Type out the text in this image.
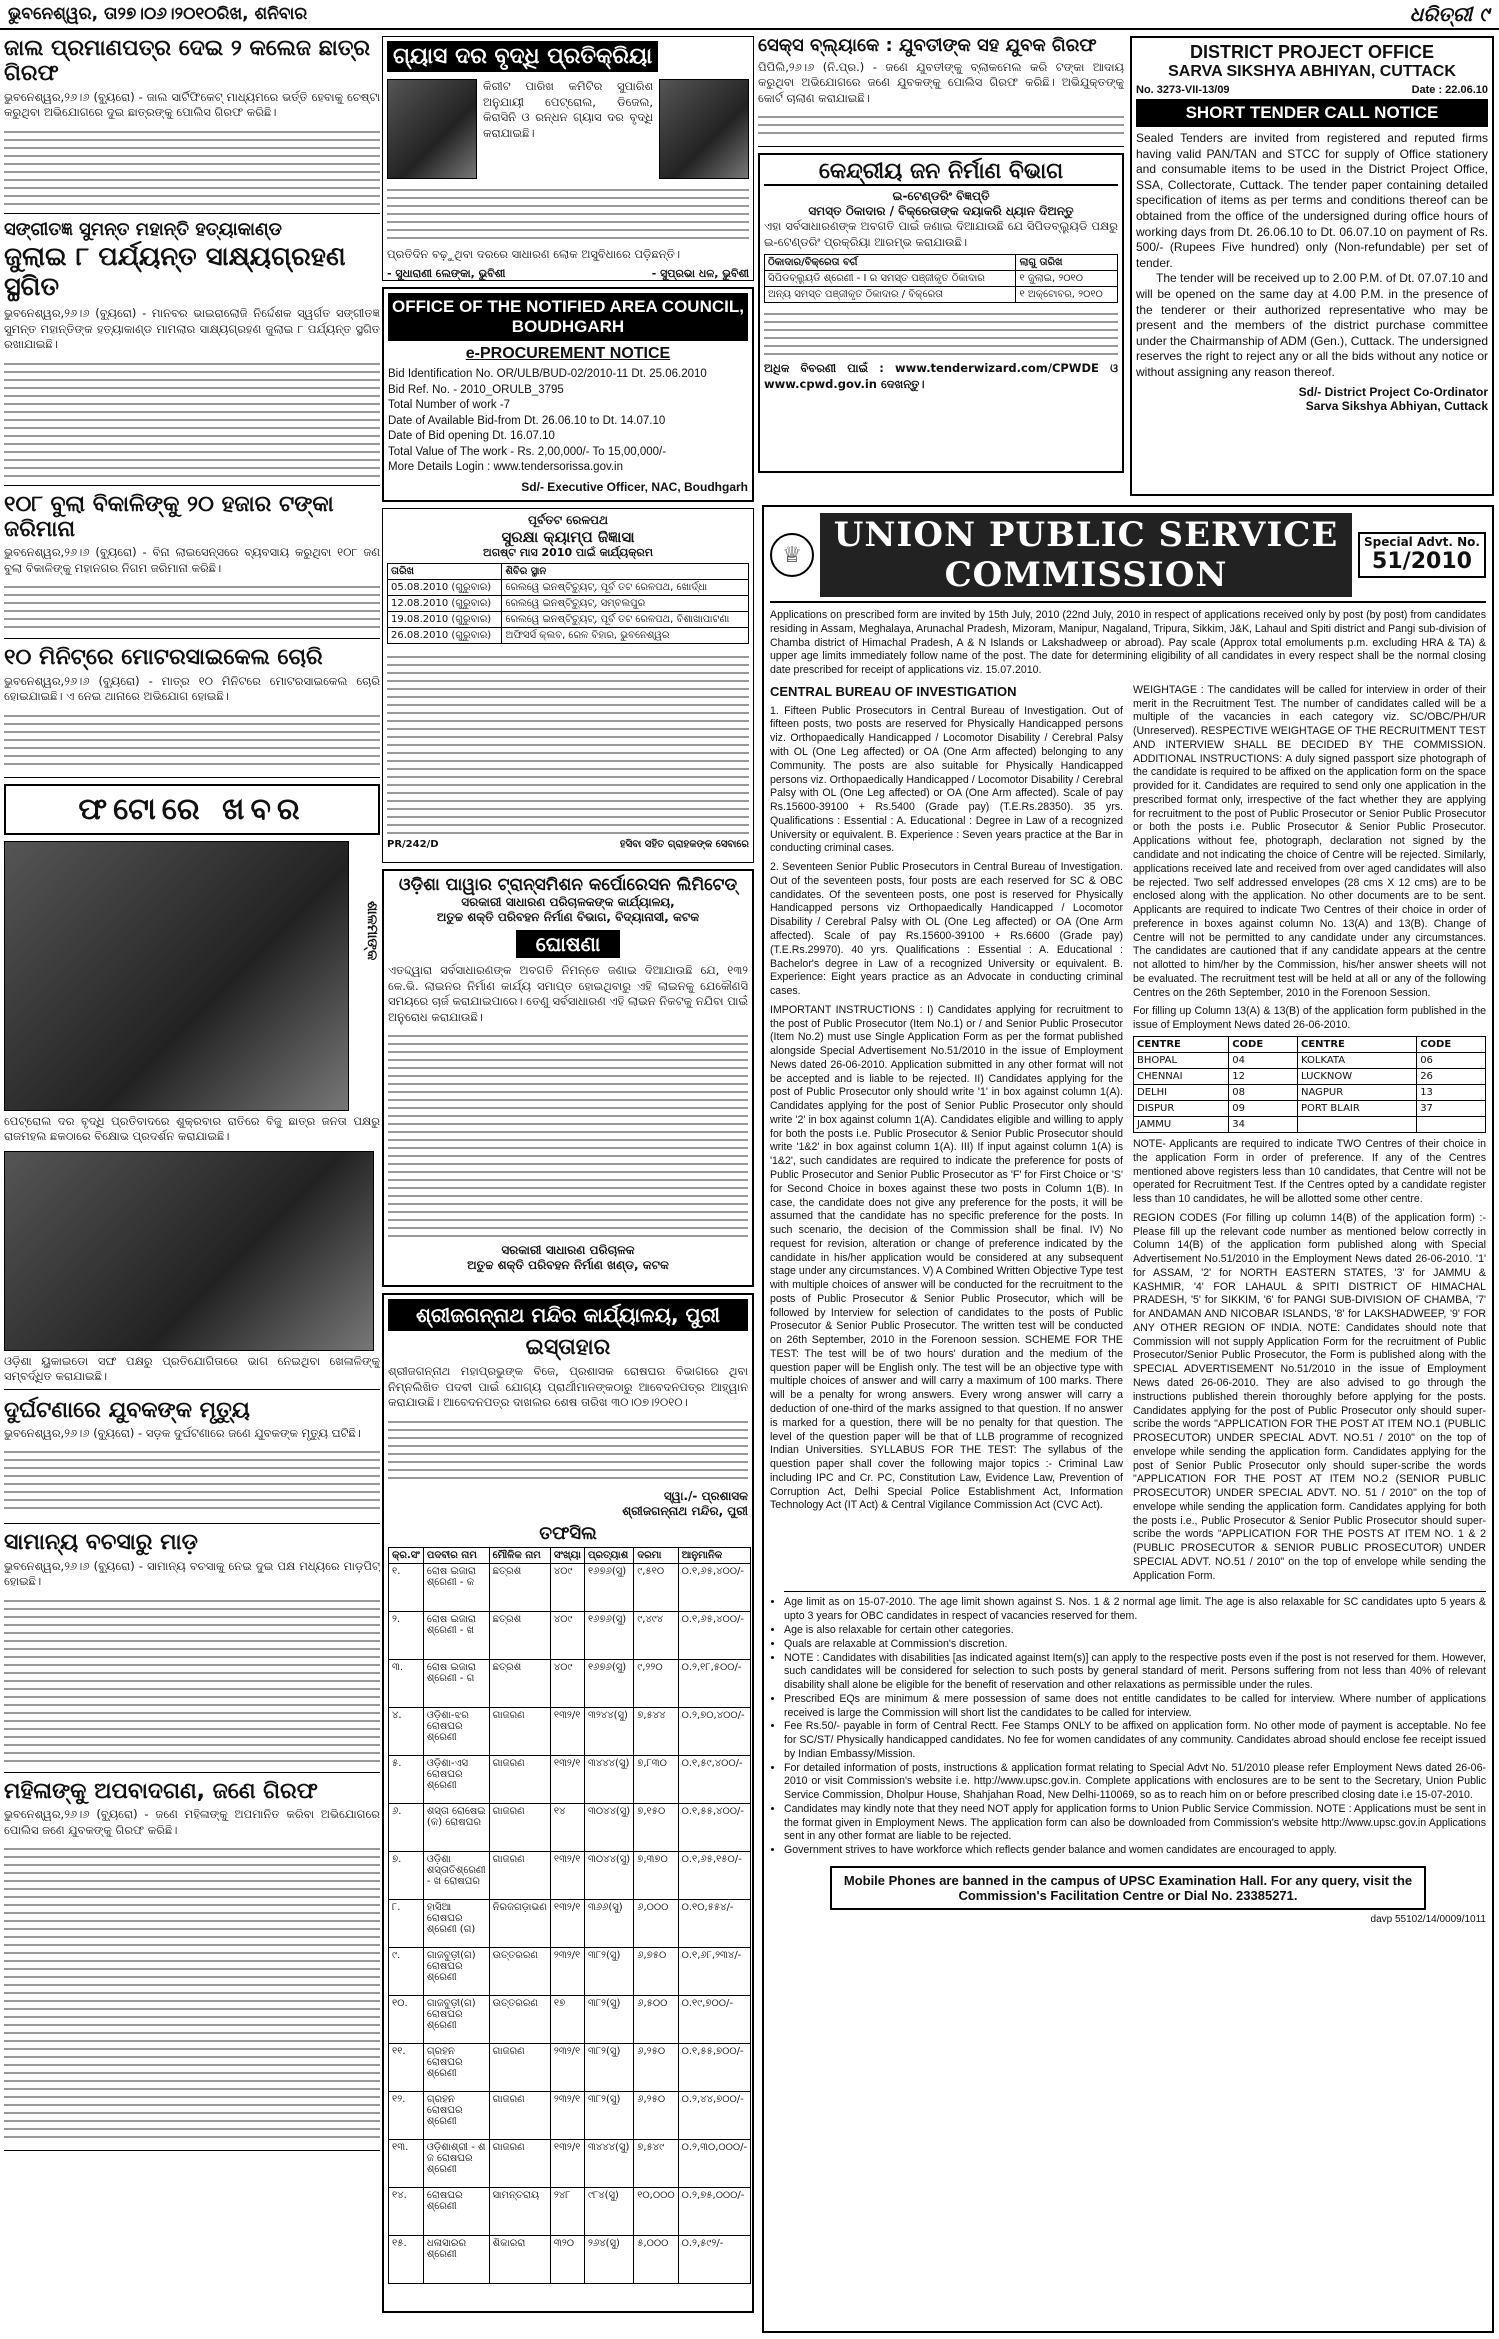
ଭୁବନେଶ୍ୱର, ତା୨୭।୦୬।୨୦୧୦ରିଖ, ଶନିବାର	ଧରିତ୍ରୀ ୯
ଜାଲ ପ୍ରମାଣପତ୍ର ଦେଇ ୨ କଲେଜ ଛାତ୍ର ଗିରଫ
ଭୁବନେଶ୍ୱର,୨୬।୬ (ବ୍ୟୁରୋ) - ଜାଲ ସାର୍ଟିଫିକେଟ୍ ମାଧ୍ୟମରେ ଭର୍ତ୍ତି ହେବାକୁ ଚେଷ୍ଟା କରୁଥିବା ଅଭିଯୋଗରେ ଦୁଇ ଛାତ୍ରଙ୍କୁ ପୋଲିସ ଗିରଫ କରିଛି।
ସଙ୍ଗୀତଜ୍ଞ ସୁମନ୍ତ ମହାନ୍ତି ହତ୍ୟାକାଣ୍ଡ
ଜୁଲାଇ ୮ ପର୍ଯ୍ୟନ୍ତ ସାକ୍ଷ୍ୟଗ୍ରହଣ ସ୍ଥଗିତ
ଭୁବନେଶ୍ୱର,୨୬।୬ (ବ୍ୟୁରୋ) - ମାନବର ଭାଇରାଲୋଜି ନିର୍ଦ୍ଦେଶକ ସ୍ୱର୍ଗତ ସଙ୍ଗୀତଜ୍ଞ ସୁମନ୍ତ ମହାନ୍ତିଙ୍କ ହତ୍ୟାକାଣ୍ଡ ମାମଲାର ସାକ୍ଷ୍ୟଗ୍ରହଣ ଜୁଲାଇ ୮ ପର୍ଯ୍ୟନ୍ତ ସ୍ଥଗିତ ରଖାଯାଇଛି।
୧୦୮ ବୁଲା ବିକାଳିଙ୍କୁ ୨୦ ହଜାର ଟଙ୍କା ଜରିମାନା
ଭୁବନେଶ୍ୱର,୨୬।୬ (ବ୍ୟୁରୋ) - ବିନା ଲାଇସେନ୍ସରେ ବ୍ୟବସାୟ କରୁଥିବା ୧୦୮ ଜଣ ବୁଲା ବିକାଳିଙ୍କୁ ମହାନଗର ନିଗମ ଜରିମାନା କରିଛି।
୧୦ ମିନିଟ୍‌ରେ ମୋଟରସାଇକେଲ ଚୋରି
ଭୁବନେଶ୍ୱର,୨୬।୬ (ବ୍ୟୁରୋ) - ମାତ୍ର ୧୦ ମିନିଟରେ ମୋଟରସାଇକେଲ ଚୋରି ହୋଇଯାଇଛି। ଏ ନେଇ ଥାନାରେ ଅଭିଯୋଗ ହୋଇଛି।
ଫଟୋରେ ଖବର
ଶାଳମାଙ୍କ
ପେଟ୍ରୋଲ ଦର ବୃଦ୍ଧି ପ୍ରତିବାଦରେ ଶୁକ୍ରବାର ରାତିରେ ବିଜୁ ଛାତ୍ର ଜନତା ପକ୍ଷରୁ ରାଜମହଲ ଛକଠାରେ ବିକ୍ଷୋଭ ପ୍ରଦର୍ଶନ କରାଯାଇଛି।
ଓଡ଼ିଶା ୟୁକାଇଡୋ ସଙ୍ଘ ପକ୍ଷରୁ ପ୍ରତିଯୋଗିତାରେ ଭାଗ ନେଇଥିବା ଖେଳାଳିଙ୍କୁ ସମ୍ବର୍ଦ୍ଧିତ କରାଯାଇଛି।
ଦୁର୍ଘଟଣାରେ ଯୁବକଙ୍କ ମୃତ୍ୟୁ
ଭୁବନେଶ୍ୱର,୨୬।୬ (ବ୍ୟୁରୋ) - ସଡ଼କ ଦୁର୍ଘଟଣାରେ ଜଣେ ଯୁବକଙ୍କ ମୃତ୍ୟୁ ଘଟିଛି।
ସାମାନ୍ୟ ବଚସାରୁ ମାଡ଼
ଭୁବନେଶ୍ୱର,୨୬।୬ (ବ୍ୟୁରୋ) - ସାମାନ୍ୟ ବଚସାକୁ ନେଇ ଦୁଇ ପକ୍ଷ ମଧ୍ୟରେ ମାଡ଼ପିଟ୍ ହୋଇଛି।
ମହିଳାଙ୍କୁ ଅପବାଦଗଣ, ଜଣେ ଗିରଫ
ଭୁବନେଶ୍ୱର,୨୬।୬ (ବ୍ୟୁରୋ) - ଜଣେ ମହିଳାଙ୍କୁ ଅପମାନିତ କରିବା ଅଭିଯୋଗରେ ପୋଲିସ ଜଣେ ଯୁବକଙ୍କୁ ଗିରଫ କରିଛି।
ଗ୍ୟାସ ଦର ବୃଦ୍ଧି ପ୍ରତିକ୍ରିୟା
କିରୀଟ ପାରିଖ କମିଟିର ସୁପାରିଶ ଅନୁଯାୟୀ ପେଟ୍ରୋଲ, ଡିଜେଲ, କିରାସିନି ଓ ରନ୍ଧନ ଗ୍ୟାସ ଦର ବୃଦ୍ଧି କରାଯାଇଛି।
ପ୍ରତିଦିନ ବଢ଼ୁଥିବା ଦରରେ ସାଧାରଣ ଲୋକ ଅସୁବିଧାରେ ପଡ଼ିଛନ୍ତି।
- ସୁଧାରାଣୀ ଲେଙ୍କା, ଭୁବିଶୀ	- ସୁପ୍ରଭା ଧଳ, ଭୁବିଶୀ
OFFICE OF THE NOTIFIED AREA COUNCIL, BOUDHGARH
e-PROCUREMENT NOTICE
Bid Identification No. OR/ULB/BUD-02/2010-11 Dt. 25.06.2010
Bid Ref. No. - 2010_ORULB_3795
Total Number of work -7
Date of Available Bid-from Dt. 26.06.10 to Dt. 14.07.10
Date of Bid opening Dt. 16.07.10
Total Value of The work - Rs. 2,00,000/- To 15,00,000/-
More Details Login : www.tendersorissa.gov.in
Sd/- Executive Officer, NAC, Boudhgarh
ପୂର୍ବତଟ ରେଳପଥ
ସୁରକ୍ଷା କ୍ୟାମ୍ପ ଜିଜ୍ଞାସା
ଅଗଷ୍ଟ ମାସ 2010 ପାଇଁ କାର୍ଯ୍ୟକ୍ରମ
ତାରିଖ	ଶିବିର ସ୍ଥାନ
05.08.2010 (ଗୁରୁବାର)	ରେଲୱେ ଇନଷ୍ଟିଚ୍ୟୁଟ୍, ପୂର୍ବ ତଟ ରେଳପଥ, ଖୋର୍ଦ୍ଧା
12.08.2010 (ଗୁରୁବାର)	ରେଲୱେ ଇନଷ୍ଟିଚ୍ୟୁଟ୍, ସମ୍ବଲପୁର
19.08.2010 (ଗୁରୁବାର)	ରେଲୱେ ଇନଷ୍ଟିଚ୍ୟୁଟ୍, ପୂର୍ବ ତଟ ରେଳପଥ, ବିଶାଖାପାଟଣା
26.08.2010 (ଗୁରୁବାର)	ଅଫିସର୍ସ କ୍ଲବ, ରେଳ ବିହାର, ଭୁବନେଶ୍ୱର
PR/242/D	ହସିବା ସହିତ ଗ୍ରାହକଙ୍କ ସେବାରେ
ଓଡ଼ିଶା ପାୱାର ଟ୍ରାନ୍ସମିଶନ କର୍ପୋରେସନ ଲିମିଟେଡ୍
ସରକାରୀ ସାଧାରଣ ପରିଚାଳକଙ୍କ କାର୍ଯ୍ୟାଳୟ,
ଅତୁଚ୍ଚ ଶକ୍ତି ପରିବହନ ନିର୍ମାଣ ବିଭାଗ, ବିଦ୍ୟାନାସୀ, କଟକ
ଘୋଷଣା
ଏତଦ୍ଦ୍ୱାରା ସର୍ବସାଧାରଣଙ୍କ ଅବଗତି ନିମନ୍ତେ ଜଣାଇ ଦିଆଯାଉଛି ଯେ, ୧୩୨ କେ.ଭି. ଲାଇନର ନିର୍ମାଣ କାର୍ଯ୍ୟ ସମାପ୍ତ ହୋଇଥିବାରୁ ଏହି ଲାଇନକୁ ଯେକୌଣସି ସମୟରେ ଚାର୍ଜ କରାଯାଇପାରେ। ତେଣୁ ସର୍ବସାଧାରଣ ଏହି ଲାଇନ ନିକଟକୁ ନଯିବା ପାଇଁ ଅନୁରୋଧ କରାଯାଉଛି।
ସରକାରୀ ସାଧାରଣ ପରିଚାଳକ
ଅତୁଚ୍ଚ ଶକ୍ତି ପରିବହନ ନିର୍ମାଣ ଖଣ୍ଡ, କଟକ
ଶ୍ରୀଜଗନ୍ନାଥ ମନ୍ଦିର କାର୍ଯ୍ୟାଳୟ, ପୁରୀ
ଇସ୍ତାହାର
ଶ୍ରୀଜଗନ୍ନାଥ ମହାପ୍ରଭୁଙ୍କ ବିଜେ, ପ୍ରଶାସକ ରୋଷଘର ବିଭାଗରେ ଥିବା ନିମ୍ନଲିଖିତ ପଦବୀ ପାଇଁ ଯୋଗ୍ୟ ପ୍ରାର୍ଥୀମାନଙ୍କଠାରୁ ଆବେଦନପତ୍ର ଆହ୍ୱାନ କରାଯାଉଛି। ଆବେଦନପତ୍ର ଦାଖଲର ଶେଷ ତାରିଖ ୩୦।୦୭।୨୦୧୦।
ସ୍ୱା./- ପ୍ରଶାସକ
ଶ୍ରୀଜଗନ୍ନାଥ ମନ୍ଦିର, ପୁରୀ
ତଫସିଲ
କ୍ର.ସଂ	ପଦବୀର ନାମ	ମୌଳିକ ନାମ	ସଂଖ୍ୟା	ପ୍ରତ୍ୟାଶ	ଦରମା	ଆନୁମାନିକ
୧.	ରୋଷ ଇଜାରା ଶ୍ରେଣୀ - କ	ଛତ୍ରଶ	୪୦୯	୧୬୭୬(ସୁ)	୯,୫୧୦	୦.୧,୬୫,୪୦୦/-
୨.	ରୋଷ ଇଜାରା ଶ୍ରେଣୀ - ଖ	ଛତ୍ରଶ	୪୦୯	୧୬୭୬(ସୁ)	୯,୪୯୪	୦.୧,୬୫,୪୦୦/-
୩.	ରୋଷ ଇଜାରା ଶ୍ରେଣୀ - ଗ	ଛତ୍ରଶ	୪୦୯	୧୬୭୬(ସୁ)	୯,୨୨୦	୦.୨,୧୮,୫୦୦/-
୪.	ଓଡ଼ିଶା-ଝର ରୋଷଘର ଶ୍ରେଣୀ	ଗାଜରଣ	୧୩୨/୧	୩୨୪୪(ସୁ)	୭,୫୪୪	୦.୨,୭୦,୪୦୦/-
୫.	ଓଡ଼ିଶା-ଏସ ରୋଷଘର ଶ୍ରେଣୀ	ଗାଜରଣ	୧୩୨/୧	୩୪୪୪(ସୁ)	୭,୮୩୦	୦.୧,୫୯,୪୦୦/-
୬.	ଶସ୍ତା ରୋଷେଇ (କ) ରୋଷଘର	ଗାଜରଣ	୧୪	୩୦୪୪(ସୁ)	୭,୧୫୦	୦.୧,୫୫,୪୦୦/-
୭.	ଓଡ଼ିଶା ଶସ୍ତାତିଶ୍ରେଣୀ - ଖ ରୋଷଘର	ଗାଜରଣ	୧୩୨/୧	୩୦୪୪(ସୁ)	୭,୩୭୦	୦.୧,୬୫,୧୫୦/-
୮.	ହାସିଆ ରୋଷଘର ଶ୍ରେଣୀ (ଗ)	ନିରଜଗଡ଼ାଭଣ	୧୩୨/୧	୩୬୬(ସୁ)	୬,୦୦୦	୦.୧୦,୫୫୪/-
୯.	ଗାଜବୁଡ଼ୀ(ଗ) ରୋଷଘର ଶ୍ରେଣୀ	ଉତ୍ତରରଣ	୨୩୨/୧	୩୮୨(ସୁ)	୬,୭୫୦	୦.୧,୬୮,୨୩୪/-
୧୦.	ଗାଜବୁଡ଼ୀ(ଗ) ରୋଷଘର ଶ୍ରେଣୀ	ଉତ୍ତରରଣ	୧୭	୩୮୨(ସୁ)	୬,୫୦୦	୦.୧୯,୭୦୦/-
୧୧.	ଗ୍ରହନ ରୋଷଘର ଶ୍ରେଣୀ	ଗାଜରଣ	୨୩୨/୧	୩୮୨(ସୁ)	୬,୨୫୦	୦.୧,୫୫,୭୦୦/-
୧୨.	ଗ୍ରହନ ରୋଷଘର ଶ୍ରେଣୀ	ଗାଜରଣ	୨୩୨/୧	୩୮୨(ସୁ)	୬,୨୫୦	୦.୨,୪୪,୭୦୦/-
୧୩.	ଓଡ଼ିଶାଶ୍ରୀ - ଶ ଜ ରୋଷଘର ଶ୍ରେଣୀ	ଗାଜରଣ	୧୩୨/୧	୩୪୪୪(ସୁ)	୭,୫୪୯	୦.୨,୩୦,୦୦୦/-
୧୪.	ରୋଷଘର ଶ୍ରେଣୀ	ସାମନ୍ତରାୟ	୨୪୮	୯୮୪(ସୁ)	୧୦,୦୦୦	୦.୨,୭୫,୦୦୦/-
୧୫.	ଧଳାସାରର ଶ୍ରେଣୀ	ଶିକାରରା	୩୨୦	୨୬୪(ସୁ)	୫,୦୦୦	୦.୨,୫୯୨/-
ସେକ୍ସ ବ୍ଲ୍ୟାକେ : ଯୁବତୀଙ୍କ ସହ ଯୁବକ ଗିରଫ
ପିପିଲି,୨୬।୬ (ନି.ପ୍ର.) - ଜଣେ ଯୁବତୀଙ୍କୁ ବ୍ଲାକମେଲ କରି ଟଙ୍କା ଆଦାୟ କରୁଥିବା ଅଭିଯୋଗରେ ଜଣେ ଯୁବକଙ୍କୁ ପୋଲିସ ଗିରଫ କରିଛି। ଅଭିଯୁକ୍ତଙ୍କୁ କୋର୍ଟ ଚାଲାଣ କରାଯାଇଛି।
କେନ୍ଦ୍ରୀୟ ଜନ ନିର୍ମାଣ ବିଭାଗ
ଇ-ଟେଣ୍ଡରିଂ ବିଜ୍ଞପ୍ତି
ସମସ୍ତ ଠିକାଦାର / ବିକ୍ରେତାଙ୍କ ଦୟାକରି ଧ୍ୟାନ ଦିଅନ୍ତୁ
ଏହା ସର୍ବସାଧାରଣଙ୍କ ଅବଗତି ପାଇଁ ଜଣାଇ ଦିଆଯାଉଛି ଯେ ସିପିଡବ୍ଲ୍ୟୁଡି ପକ୍ଷରୁ ଇ-ଟେଣ୍ଡରିଂ ପ୍ରକ୍ରିୟା ଆରମ୍ଭ କରାଯାଉଛି।
ଠିକାଦାର/ବିକ୍ରେତା ବର୍ଗ	ଲାଗୁ ତାରିଖ
ସିପିଡବ୍ଲ୍ୟୁଡି ଶ୍ରେଣୀ - I ର ସମସ୍ତ ପଞ୍ଜୀକୃତ ଠିକାଦାର	୧ ଜୁଲାଇ, ୨୦୧୦
ଅନ୍ୟ ସମସ୍ତ ପଞ୍ଜୀକୃତ ଠିକାଦାର / ବିକ୍ରେତା	୧ ଅକ୍ଟୋବର, ୨୦୧୦
ଅଧିକ ବିବରଣୀ ପାଇଁ : www.tenderwizard.com/CPWDE ଓ www.cpwd.gov.in ଦେଖନ୍ତୁ।
DISTRICT PROJECT OFFICE
SARVA SIKSHYA ABHIYAN, CUTTACK
No. 3273-VII-13/09	Date : 22.06.10
SHORT TENDER CALL NOTICE
Sealed Tenders are invited from registered and reputed firms having valid PAN/TAN and STCC for supply of Office stationery and consumable items to be used in the District Project Office, SSA, Collectorate, Cuttack. The tender paper containing detailed specification of items as per terms and conditions thereof can be obtained from the office of the undersigned during office hours of working days from Dt. 26.06.10 to Dt. 06.07.10 on payment of Rs. 500/- (Rupees Five hundred) only (Non-refundable) per set of tender.
The tender will be received up to 2.00 P.M. of Dt. 07.07.10 and will be opened on the same day at 4.00 P.M. in the presence of the tenderer or their authorized representative who may be present and the members of the district purchase committee under the Chairmanship of ADM (Gen.), Cuttack. The undersigned reserves the right to reject any or all the bids without any notice or without assigning any reason thereof.
Sd/- District Project Co-Ordinator
Sarva Sikshya Abhiyan, Cuttack
♕ UNION PUBLIC SERVICE COMMISSION
Special Advt. No.
51/2010
Applications on prescribed form are invited by 15th July, 2010 (22nd July, 2010 in respect of applications received only by post (by post) from candidates residing in Assam, Meghalaya, Arunachal Pradesh, Mizoram, Manipur, Nagaland, Tripura, Sikkim, J&K, Lahaul and Spiti district and Pangi sub-division of Chamba district of Himachal Pradesh, A & N Islands or Lakshadweep or abroad). Pay scale (Approx total emoluments p.m. excluding HRA & TA) & upper age limits immediately follow name of the post. The date for determining eligibility of all candidates in every respect shall be the normal closing date prescribed for receipt of applications viz. 15.07.2010.
CENTRAL BUREAU OF INVESTIGATION
1. Fifteen Public Prosecutors in Central Bureau of Investigation. Out of fifteen posts, two posts are reserved for Physically Handicapped persons viz. Orthopaedically Handicapped / Locomotor Disability / Cerebral Palsy with OL (One Leg affected) or OA (One Arm affected) belonging to any Community. The posts are also suitable for Physically Handicapped persons viz. Orthopaedically Handicapped / Locomotor Disability / Cerebral Palsy with OL (One Leg affected) or OA (One Arm affected). Scale of pay Rs.15600-39100 + Rs.5400 (Grade pay) (T.E.Rs.28350). 35 yrs. Qualifications : Essential : A. Educational : Degree in Law of a recognized University or equivalent. B. Experience : Seven years practice at the Bar in conducting criminal cases.
2. Seventeen Senior Public Prosecutors in Central Bureau of Investigation. Out of the seventeen posts, four posts are each reserved for SC & OBC candidates. Of the seventeen posts, one post is reserved for Physically Handicapped persons viz Orthopaedically Handicapped / Locomotor Disability / Cerebral Palsy with OL (One Leg affected) or OA (One Arm affected). Scale of pay Rs.15600-39100 + Rs.6600 (Grade pay) (T.E.Rs.29970). 40 yrs. Qualifications : Essential : A. Educational : Bachelor's degree in Law of a recognized University or equivalent. B. Experience: Eight years practice as an Advocate in conducting criminal cases.
IMPORTANT INSTRUCTIONS : I) Candidates applying for recruitment to the post of Public Prosecutor (Item No.1) or / and Senior Public Prosecutor (Item No.2) must use Single Application Form as per the format published alongside Special Advertisement No.51/2010 in the issue of Employment News dated 26-06-2010. Application submitted in any other format will not be accepted and is liable to be rejected. II) Candidates applying for the post of Public Prosecutor only should write '1' in box against column 1(A). Candidates applying for the post of Senior Public Prosecutor only should write '2' in box against column 1(A). Candidates eligible and willing to apply for both the posts i.e. Public Prosecutor & Senior Public Prosecutor should write '1&2' in box against column 1(A). III) If input against column 1(A) is '1&2', such candidates are required to indicate the preference for posts of Public Prosecutor and Senior Public Prosecutor as 'F' for First Choice or 'S' for Second Choice in boxes against these two posts in Column 1(B). In case, the candidate does not give any preference for the posts, it will be assumed that the candidate has no specific preference for the posts. In such scenario, the decision of the Commission shall be final. IV) No request for revision, alteration or change of preference indicated by the candidate in his/her application would be considered at any subsequent stage under any circumstances. V) A Combined Written Objective Type test with multiple choices of answer will be conducted for the recruitment to the posts of Public Prosecutor & Senior Public Prosecutor, which will be followed by Interview for selection of candidates to the posts of Public Prosecutor & Senior Public Prosecutor. The written test will be conducted on 26th September, 2010 in the Forenoon session. SCHEME FOR THE TEST: The test will be of two hours' duration and the medium of the question paper will be English only. The test will be an objective type with multiple choices of answer and will carry a maximum of 100 marks. There will be a penalty for wrong answers. Every wrong answer will carry a deduction of one-third of the marks assigned to that question. If no answer is marked for a question, there will be no penalty for that question. The level of the question paper will be that of LLB programme of recognized Indian Universities. SYLLABUS FOR THE TEST: The syllabus of the question paper shall cover the following major topics :- Criminal Law including IPC and Cr. PC, Constitution Law, Evidence Law, Prevention of Corruption Act, Delhi Special Police Establishment Act, Information Technology Act (IT Act) & Central Vigilance Commission Act (CVC Act).
WEIGHTAGE : The candidates will be called for interview in order of their merit in the Recruitment Test. The number of candidates called will be a multiple of the vacancies in each category viz. SC/OBC/PH/UR (Unreserved). RESPECTIVE WEIGHTAGE OF THE RECRUITMENT TEST AND INTERVIEW SHALL BE DECIDED BY THE COMMISSION. ADDITIONAL INSTRUCTIONS: A duly signed passport size photograph of the candidate is required to be affixed on the application form on the space provided for it. Candidates are required to send only one application in the prescribed format only, irrespective of the fact whether they are applying for recruitment to the post of Public Prosecutor or Senior Public Prosecutor or both the posts i.e. Public Prosecutor & Senior Public Prosecutor. Applications without fee, photograph, declaration not signed by the candidate and not indicating the choice of Centre will be rejected. Similarly, applications received late and received from over aged candidates will also be rejected. Two self addressed envelopes (28 cms X 12 cms) are to be enclosed along with the application. No other documents are to be sent. Applicants are required to indicate Two Centres of their choice in order of preference in boxes against column No. 13(A) and 13(B). Change of Centre will not be permitted to any candidate under any circumstances. The candidates are cautioned that if any candidate appears at the centre not allotted to him/her by the Commission, his/her answer sheets will not be evaluated. The recruitment test will be held at all or any of the following Centres on the 26th September, 2010 in the Forenoon Session.
For filling up Column 13(A) & 13(B) of the application form published in the issue of Employment News dated 26-06-2010.
CENTRE	CODE	CENTRE	CODE
BHOPAL	04	KOLKATA	06
CHENNAI	12	LUCKNOW	26
DELHI	08	NAGPUR	13
DISPUR	09	PORT BLAIR	37
JAMMU	34		
NOTE- Applicants are required to indicate TWO Centres of their choice in the application Form in order of preference. If any of the Centres mentioned above registers less than 10 candidates, that Centre will not be operated for Recruitment Test. If the Centres opted by a candidate register less than 10 candidates, he will be allotted some other centre.
REGION CODES (For filling up column 14(B) of the application form) :- Please fill up the relevant code number as mentioned below correctly in Column 14(B) of the application form published along with Special Advertisement No.51/2010 in the Employment News dated 26-06-2010. '1' for ASSAM, '2' for NORTH EASTERN STATES, '3' for JAMMU & KASHMIR, '4' FOR LAHAUL & SPITI DISTRICT OF HIMACHAL PRADESH, '5' for SIKKIM, '6' for PANGI SUB-DIVISION OF CHAMBA, '7' for ANDAMAN AND NICOBAR ISLANDS, '8' for LAKSHADWEEP, '9' FOR ANY OTHER REGION OF INDIA. NOTE: Candidates should note that Commission will not supply Application Form for the recruitment of Public Prosecutor/Senior Public Prosecutor, the Form is published along with the SPECIAL ADVERTISEMENT No.51/2010 in the issue of Employment News dated 26-06-2010. They are also advised to go through the instructions published therein thoroughly before applying for the posts. Candidates applying for the post of Public Prosecutor only should super-scribe the words "APPLICATION FOR THE POST AT ITEM NO.1 (PUBLIC PROSECUTOR) UNDER SPECIAL ADVT. NO.51 / 2010" on the top of envelope while sending the application form. Candidates applying for the post of Senior Public Prosecutor only should super-scribe the words "APPLICATION FOR THE POST AT ITEM NO.2 (SENIOR PUBLIC PROSECUTOR) UNDER SPECIAL ADVT. NO. 51 / 2010" on the top of envelope while sending the application form. Candidates applying for both the posts i.e., Public Prosecutor & Senior Public Prosecutor should super-scribe the words "APPLICATION FOR THE POSTS AT ITEM NO. 1 & 2 (PUBLIC PROSECUTOR & SENIOR PUBLIC PROSECUTOR) UNDER SPECIAL ADVT. NO.51 / 2010" on the top of envelope while sending the Application Form.
• Age limit as on 15-07-2010. The age limit shown against S. Nos. 1 & 2 normal age limit. The age is also relaxable for SC candidates upto 5 years & upto 3 years for OBC candidates in respect of vacancies reserved for them.
• Age is also relaxable for certain other categories.
• Quals are relaxable at Commission's discretion.
• NOTE : Candidates with disabilities [as indicated against Item(s)] can apply to the respective posts even if the post is not reserved for them. However, such candidates will be considered for selection to such posts by general standard of merit. Persons suffering from not less than 40% of relevant disability shall alone be eligible for the benefit of reservation and other relaxations as permissible under the rules.
• Prescribed EQs are minimum & mere possession of same does not entitle candidates to be called for interview. Where number of applications received is large the Commission will short list the candidates to be called for interview.
• Fee Rs.50/- payable in form of Central Rectt. Fee Stamps ONLY to be affixed on application form. No other mode of payment is acceptable. No fee for SC/ST/ Physically handicapped candidates. No fee for women candidates of any community. Candidates abroad should enclose fee receipt issued by Indian Embassy/Mission.
• For detailed information of posts, instructions & application format relating to Special Advt No. 51/2010 please refer Employment News dated 26-06-2010 or visit Commission's website i.e. http://www.upsc.gov.in. Complete applications with enclosures are to be sent to the Secretary, Union Public Service Commission, Dholpur House, Shahjahan Road, New Delhi-110069, so as to reach him on or before prescribed closing date i.e 15-07-2010.
• Candidates may kindly note that they need NOT apply for application forms to Union Public Service Commission. NOTE : Applications must be sent in the format given in Employment News. The application form can also be downloaded from Commission's website http://www.upsc.gov.in Applications sent in any other format are liable to be rejected.
• Government strives to have workforce which reflects gender balance and women candidates are encouraged to apply.
Mobile Phones are banned in the campus of UPSC Examination Hall. For any query, visit the Commission's Facilitation Centre or Dial No. 23385271.
davp 55102/14/0009/1011
